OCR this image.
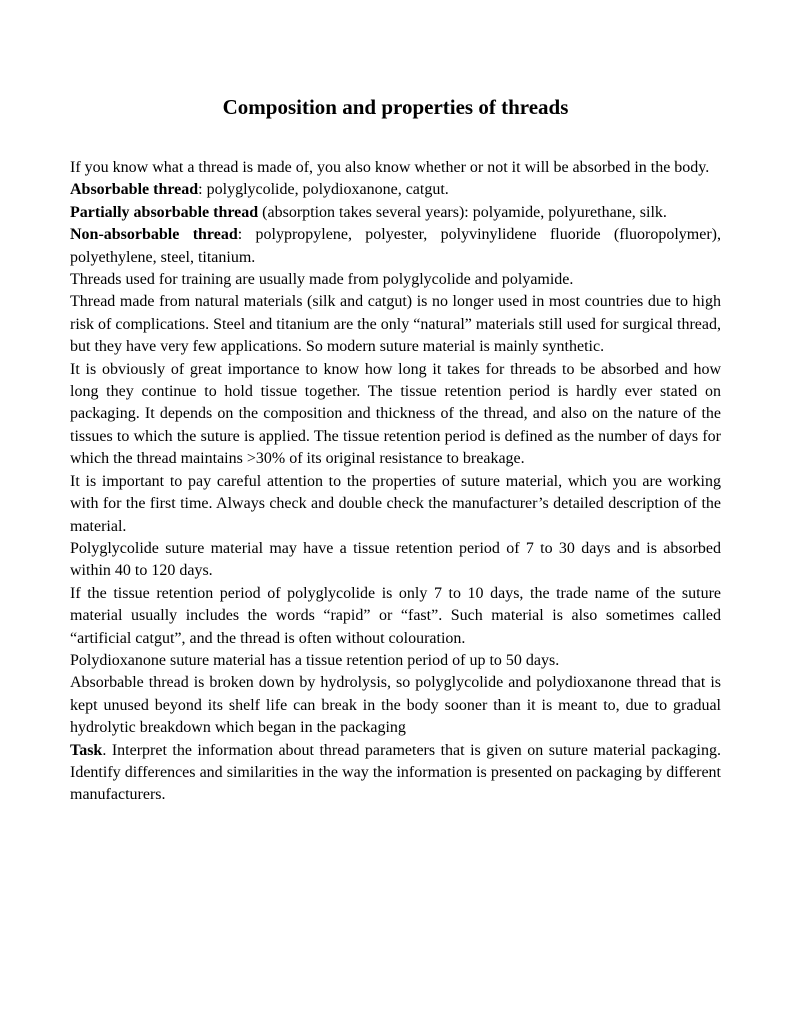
Composition and properties of threads

If you know what a thread is made of, you also know whether or not it will be absorbed in the body.

Absorbable thread: polyglycolide, polydioxanone, catgut.

Partially absorbable thread (absorption takes several years): polyamide, polyurethane, silk.

Non-absorbable thread: polypropylene, polyester, polyvinylidene fluoride (fluoropolymer), polyethylene, steel, titanium.

Threads used for training are usually made from polyglycolide and polyamide.

Thread made from natural materials (silk and catgut) is no longer used in most countries due to high risk of complications. Steel and titanium are the only “natural” materials still used for surgical thread, but they have very few applications. So modern suture material is mainly synthetic.

It is obviously of great importance to know how long it takes for threads to be absorbed and how long they continue to hold tissue together. The tissue retention period is hardly ever stated on packaging. It depends on the composition and thickness of the thread, and also on the nature of the tissues to which the suture is applied. The tissue retention period is defined as the number of days for which the thread maintains >30% of its original resistance to breakage.

It is important to pay careful attention to the properties of suture material, which you are working with for the first time. Always check and double check the manufacturer’s detailed description of the material.

Polyglycolide suture material may have a tissue retention period of 7 to 30 days and is absorbed within 40 to 120 days.

If the tissue retention period of polyglycolide is only 7 to 10 days, the trade name of the suture material usually includes the words “rapid” or “fast”. Such material is also sometimes called “artificial catgut”, and the thread is often without colouration.

Polydioxanone suture material has a tissue retention period of up to 50 days.

Absorbable thread is broken down by hydrolysis, so polyglycolide and polydioxanone thread that is kept unused beyond its shelf life can break in the body sooner than it is meant to, due to gradual hydrolytic breakdown which began in the packaging

Task. Interpret the information about thread parameters that is given on suture material packaging. Identify differences and similarities in the way the information is presented on packaging by different manufacturers.
